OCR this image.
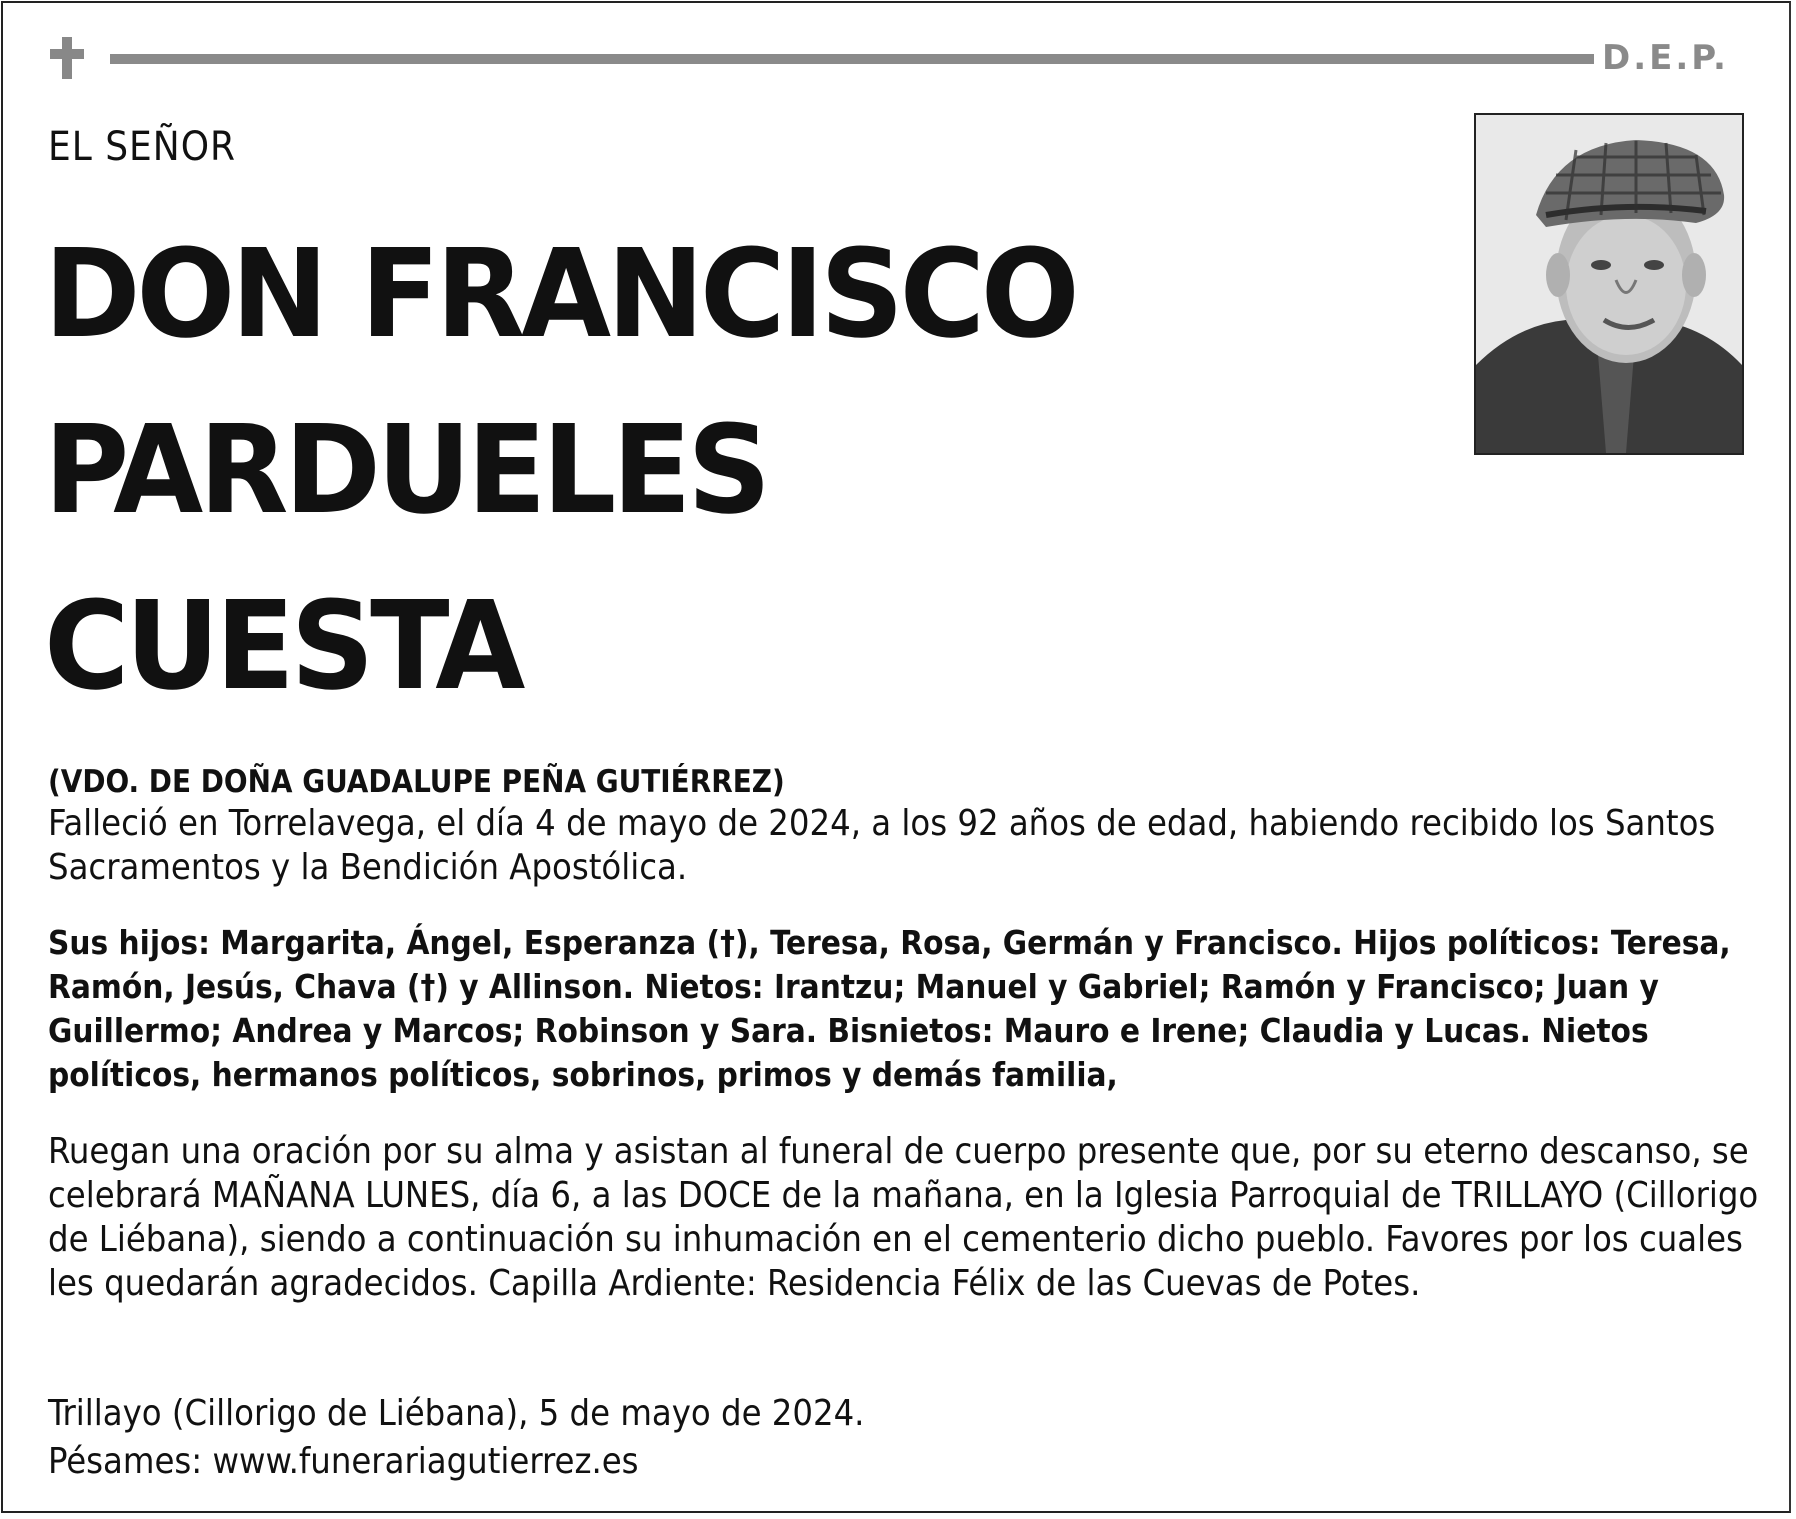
D.E.P.
EL SEÑOR
DON FRANCISCO
PARDUELES
CUESTA
(VDO. DE DOÑA GUADALUPE PEÑA GUTIÉRREZ)
Falleció en Torrelavega, el día 4 de mayo de 2024, a los 92 años de edad, habiendo recibido los Santos Sacramentos y la Bendición Apostólica.
Sus hijos: Margarita, Ángel, Esperanza (†), Teresa, Rosa, Germán y Francisco. Hijos políticos: Teresa, Ramón, Jesús, Chava (†) y Allinson. Nietos: Irantzu; Manuel y Gabriel; Ramón y Francisco; Juan y Guillermo; Andrea y Marcos; Robinson y Sara. Bisnietos: Mauro e Irene; Claudia y Lucas. Nietos políticos, hermanos políticos, sobrinos, primos y demás familia,
Ruegan una oración por su alma y asistan al funeral de cuerpo presente que, por su eterno descanso, se celebrará MAÑANA LUNES, día 6, a las DOCE de la mañana, en la Iglesia Parroquial de TRILLAYO (Cillorigo de Liébana), siendo a continuación su inhumación en el cementerio dicho pueblo. Favores por los cuales les quedarán agradecidos. Capilla Ardiente: Residencia Félix de las Cuevas de Potes.
Trillayo (Cillorigo de Liébana), 5 de mayo de 2024.
Pésames: www.funerariagutierrez.es
